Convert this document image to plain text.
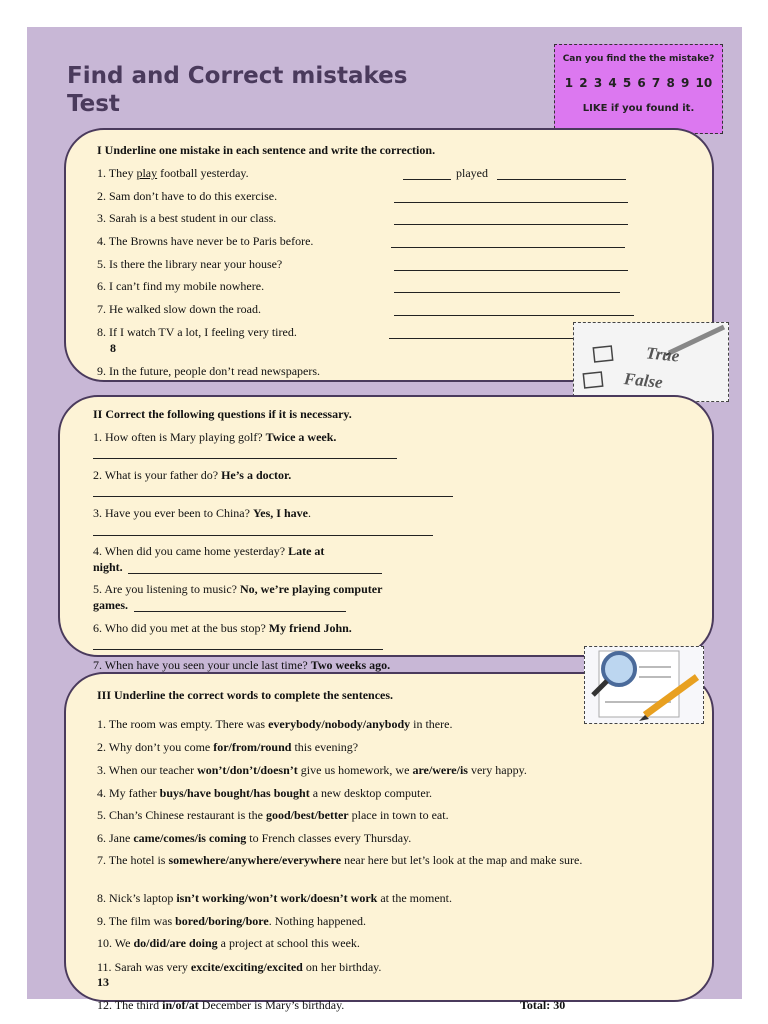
Find and Correct mistakes
Test
Can you find the the mistake?
1 2 3 4 5 6 7 8 9 10
LIKE if you found it.
I Underline one mistake in each sentence and write the correction.
1. They play football yesterday.	played
2. Sam don’t have to do this exercise.
3. Sarah is a best student in our class.
4. The Browns have never be to Paris before.
5. Is there the library near your house?
6. I can’t find my mobile nowhere.
7. He walked slow down the road.
8. If I watch TV a lot, I feeling very tired.
8
9. In the future, people don’t read newspapers.
True
False
II Correct the following questions if it is necessary.
1. How often is Mary playing golf? Twice a week.
2. What is your father do? He’s a doctor.
3. Have you ever been to China? Yes, I have.
4. When did you came home yesterday? Late at
night.
5. Are you listening to music? No, we’re playing computer
games.
6. Who did you met at the bus stop? My friend John.
7. When have you seen your uncle last time? Two weeks ago.
III Underline the correct words to complete the sentences.
1. The room was empty. There was everybody/nobody/anybody in there.
2. Why don’t you come for/from/round this evening?
3. When our teacher won’t/don’t/doesn’t give us homework, we are/were/is very happy.
4. My father buys/have bought/has bought a new desktop computer.
5. Chan’s Chinese restaurant is the good/best/better place in town to eat.
6. Jane came/comes/is coming to French classes every Thursday.
7. The hotel is somewhere/anywhere/everywhere near here but let’s look at the map and make sure.
8. Nick’s laptop isn’t working/won’t work/doesn’t work at the moment.
9. The film was bored/boring/bore. Nothing happened.
10. We do/did/are doing a project at school this week.
11. Sarah was very excite/exciting/excited on her birthday.
13
12. The third in/of/at December is Mary’s birthday.	Total: 30
